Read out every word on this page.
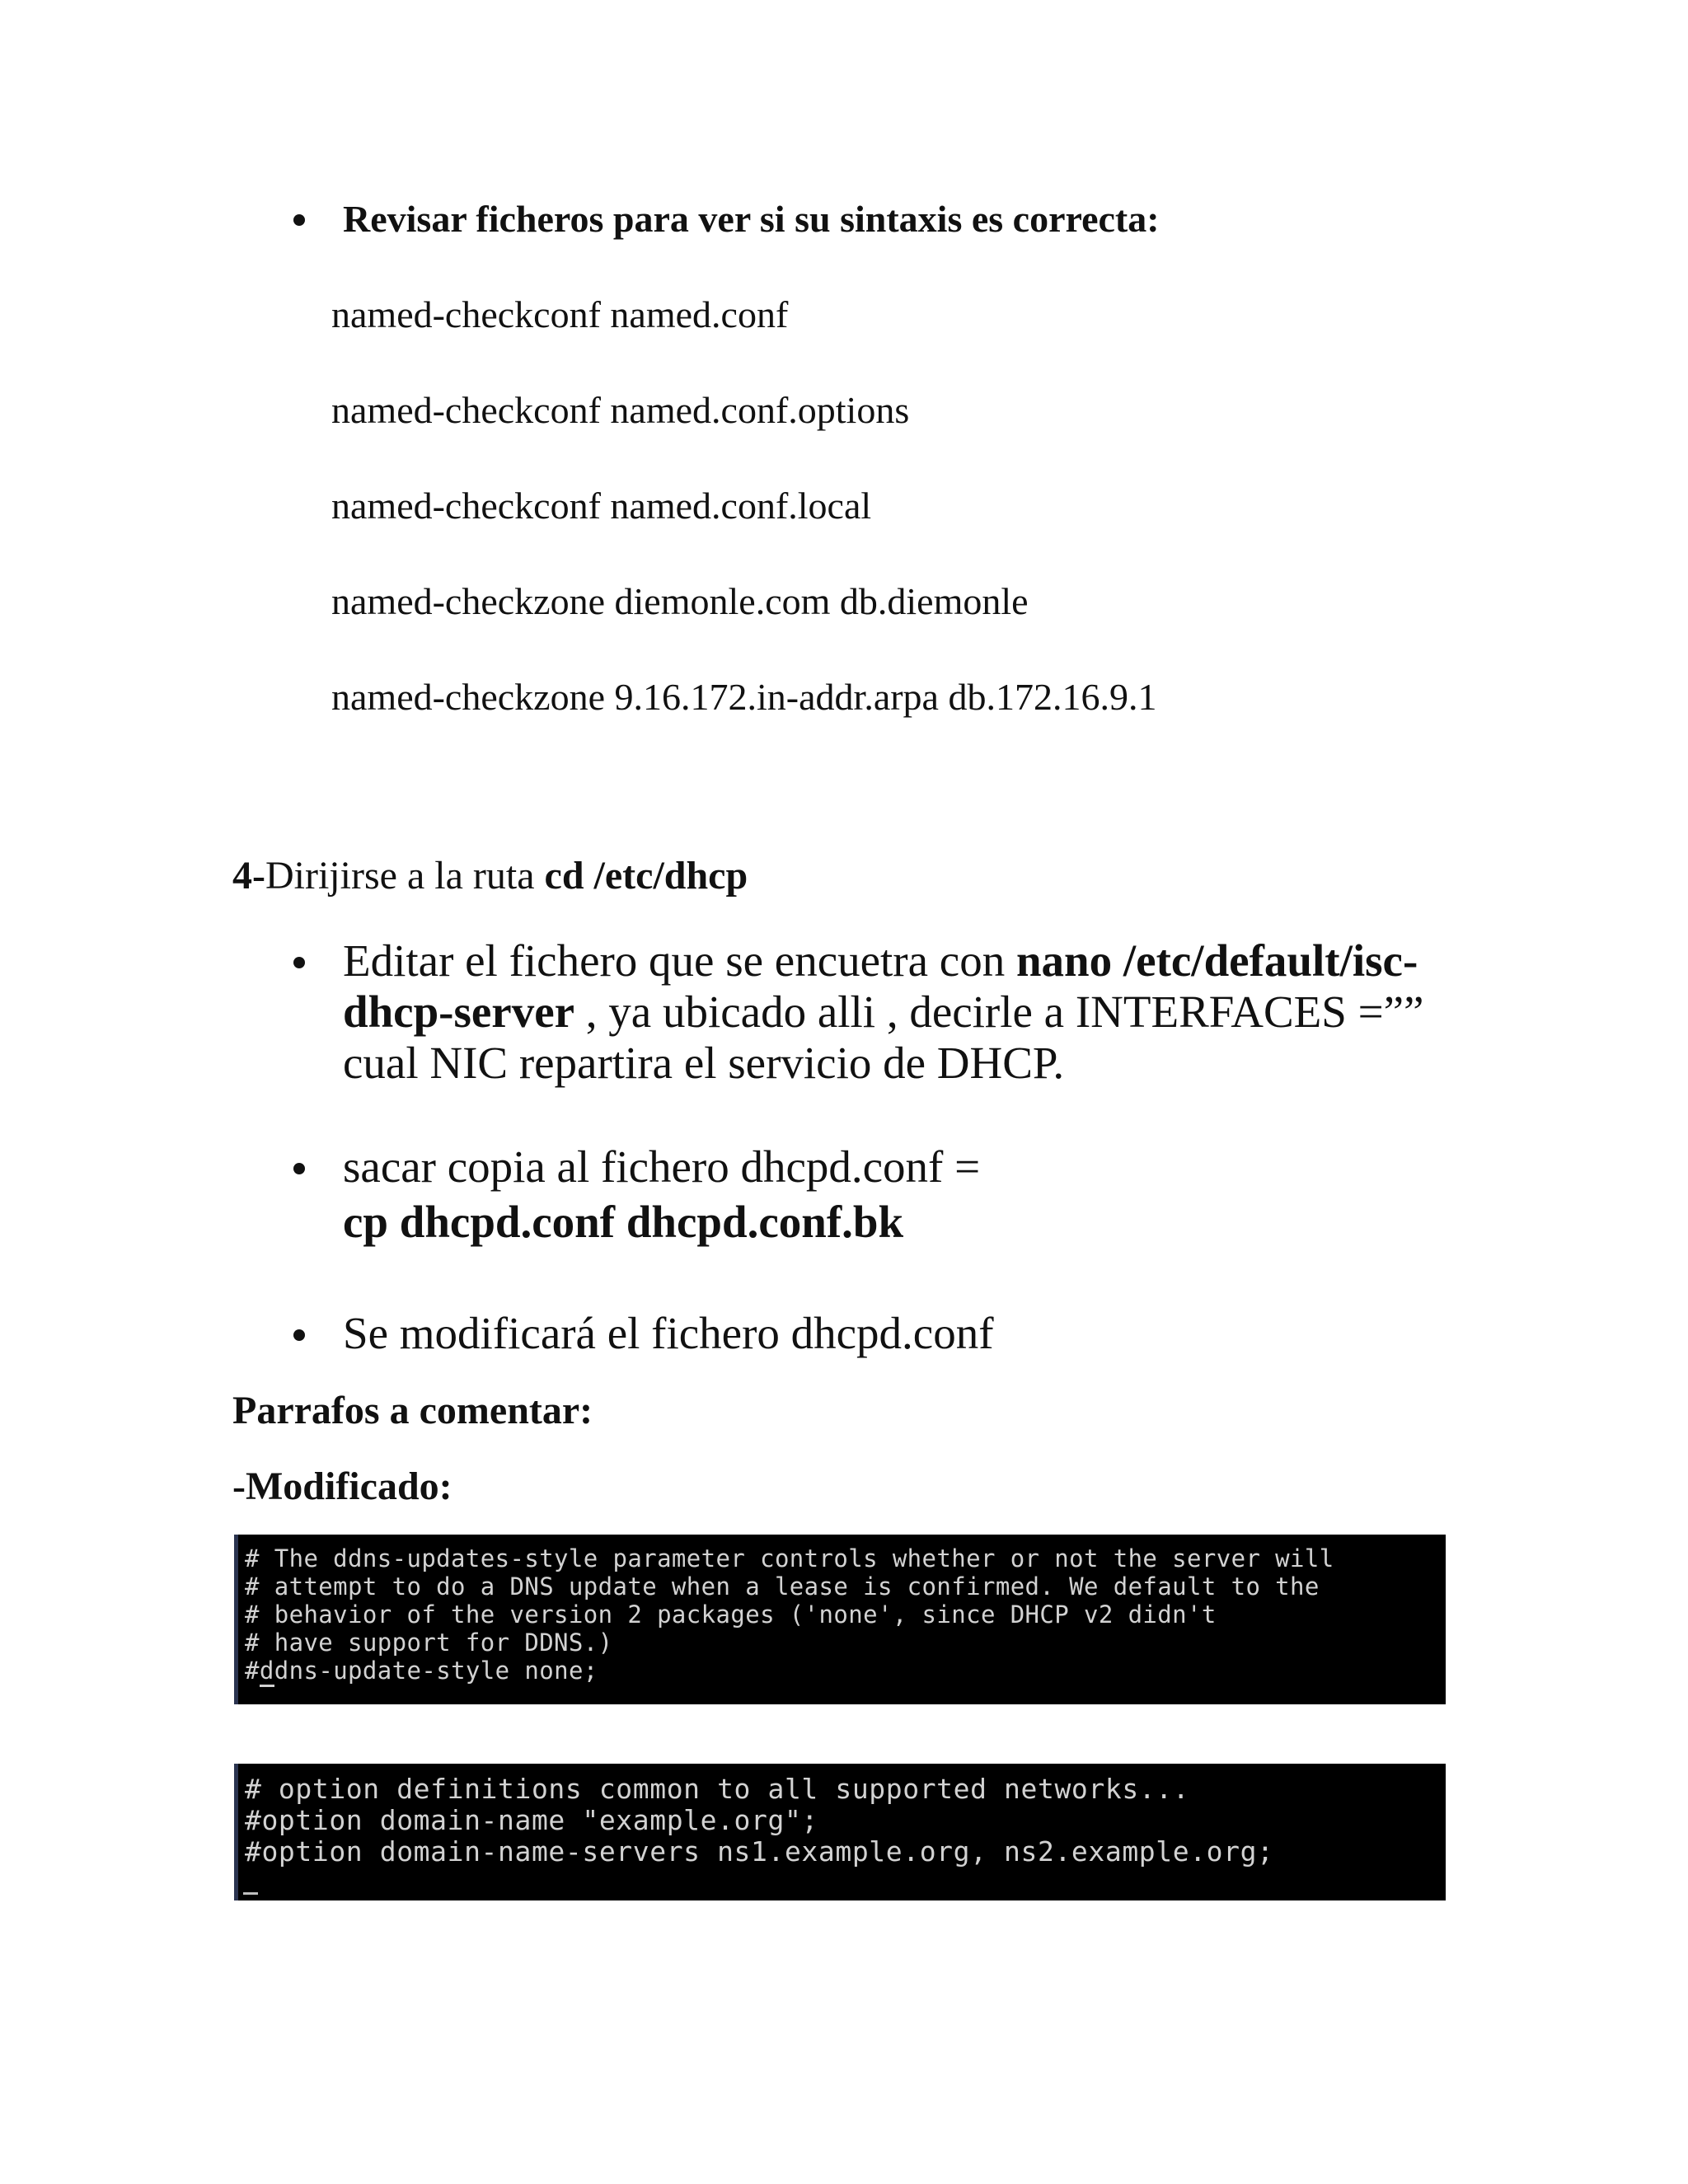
Revisar ficheros para ver si su sintaxis es correcta:
named-checkconf named.conf
named-checkconf named.conf.options
named-checkconf named.conf.local
named-checkzone diemonle.com db.diemonle
named-checkzone 9.16.172.in-addr.arpa db.172.16.9.1
4-Dirijirse a la ruta cd /etc/dhcp
Editar el fichero que se encuetra con nano /etc/default/isc-
dhcp-server , ya ubicado alli , decirle a INTERFACES =””
cual NIC repartira el servicio de DHCP.
sacar copia al fichero dhcpd.conf =
cp dhcpd.conf dhcpd.conf.bk
Se modificará el fichero dhcpd.conf
Parrafos a comentar:
-Modificado:
# The ddns-updates-style parameter controls whether or not the server will
# attempt to do a DNS update when a lease is confirmed. We default to the
# behavior of the version 2 packages ('none', since DHCP v2 didn't
# have support for DDNS.)
#ddns-update-style none;
# option definitions common to all supported networks...
#option domain-name "example.org";
#option domain-name-servers ns1.example.org, ns2.example.org;
